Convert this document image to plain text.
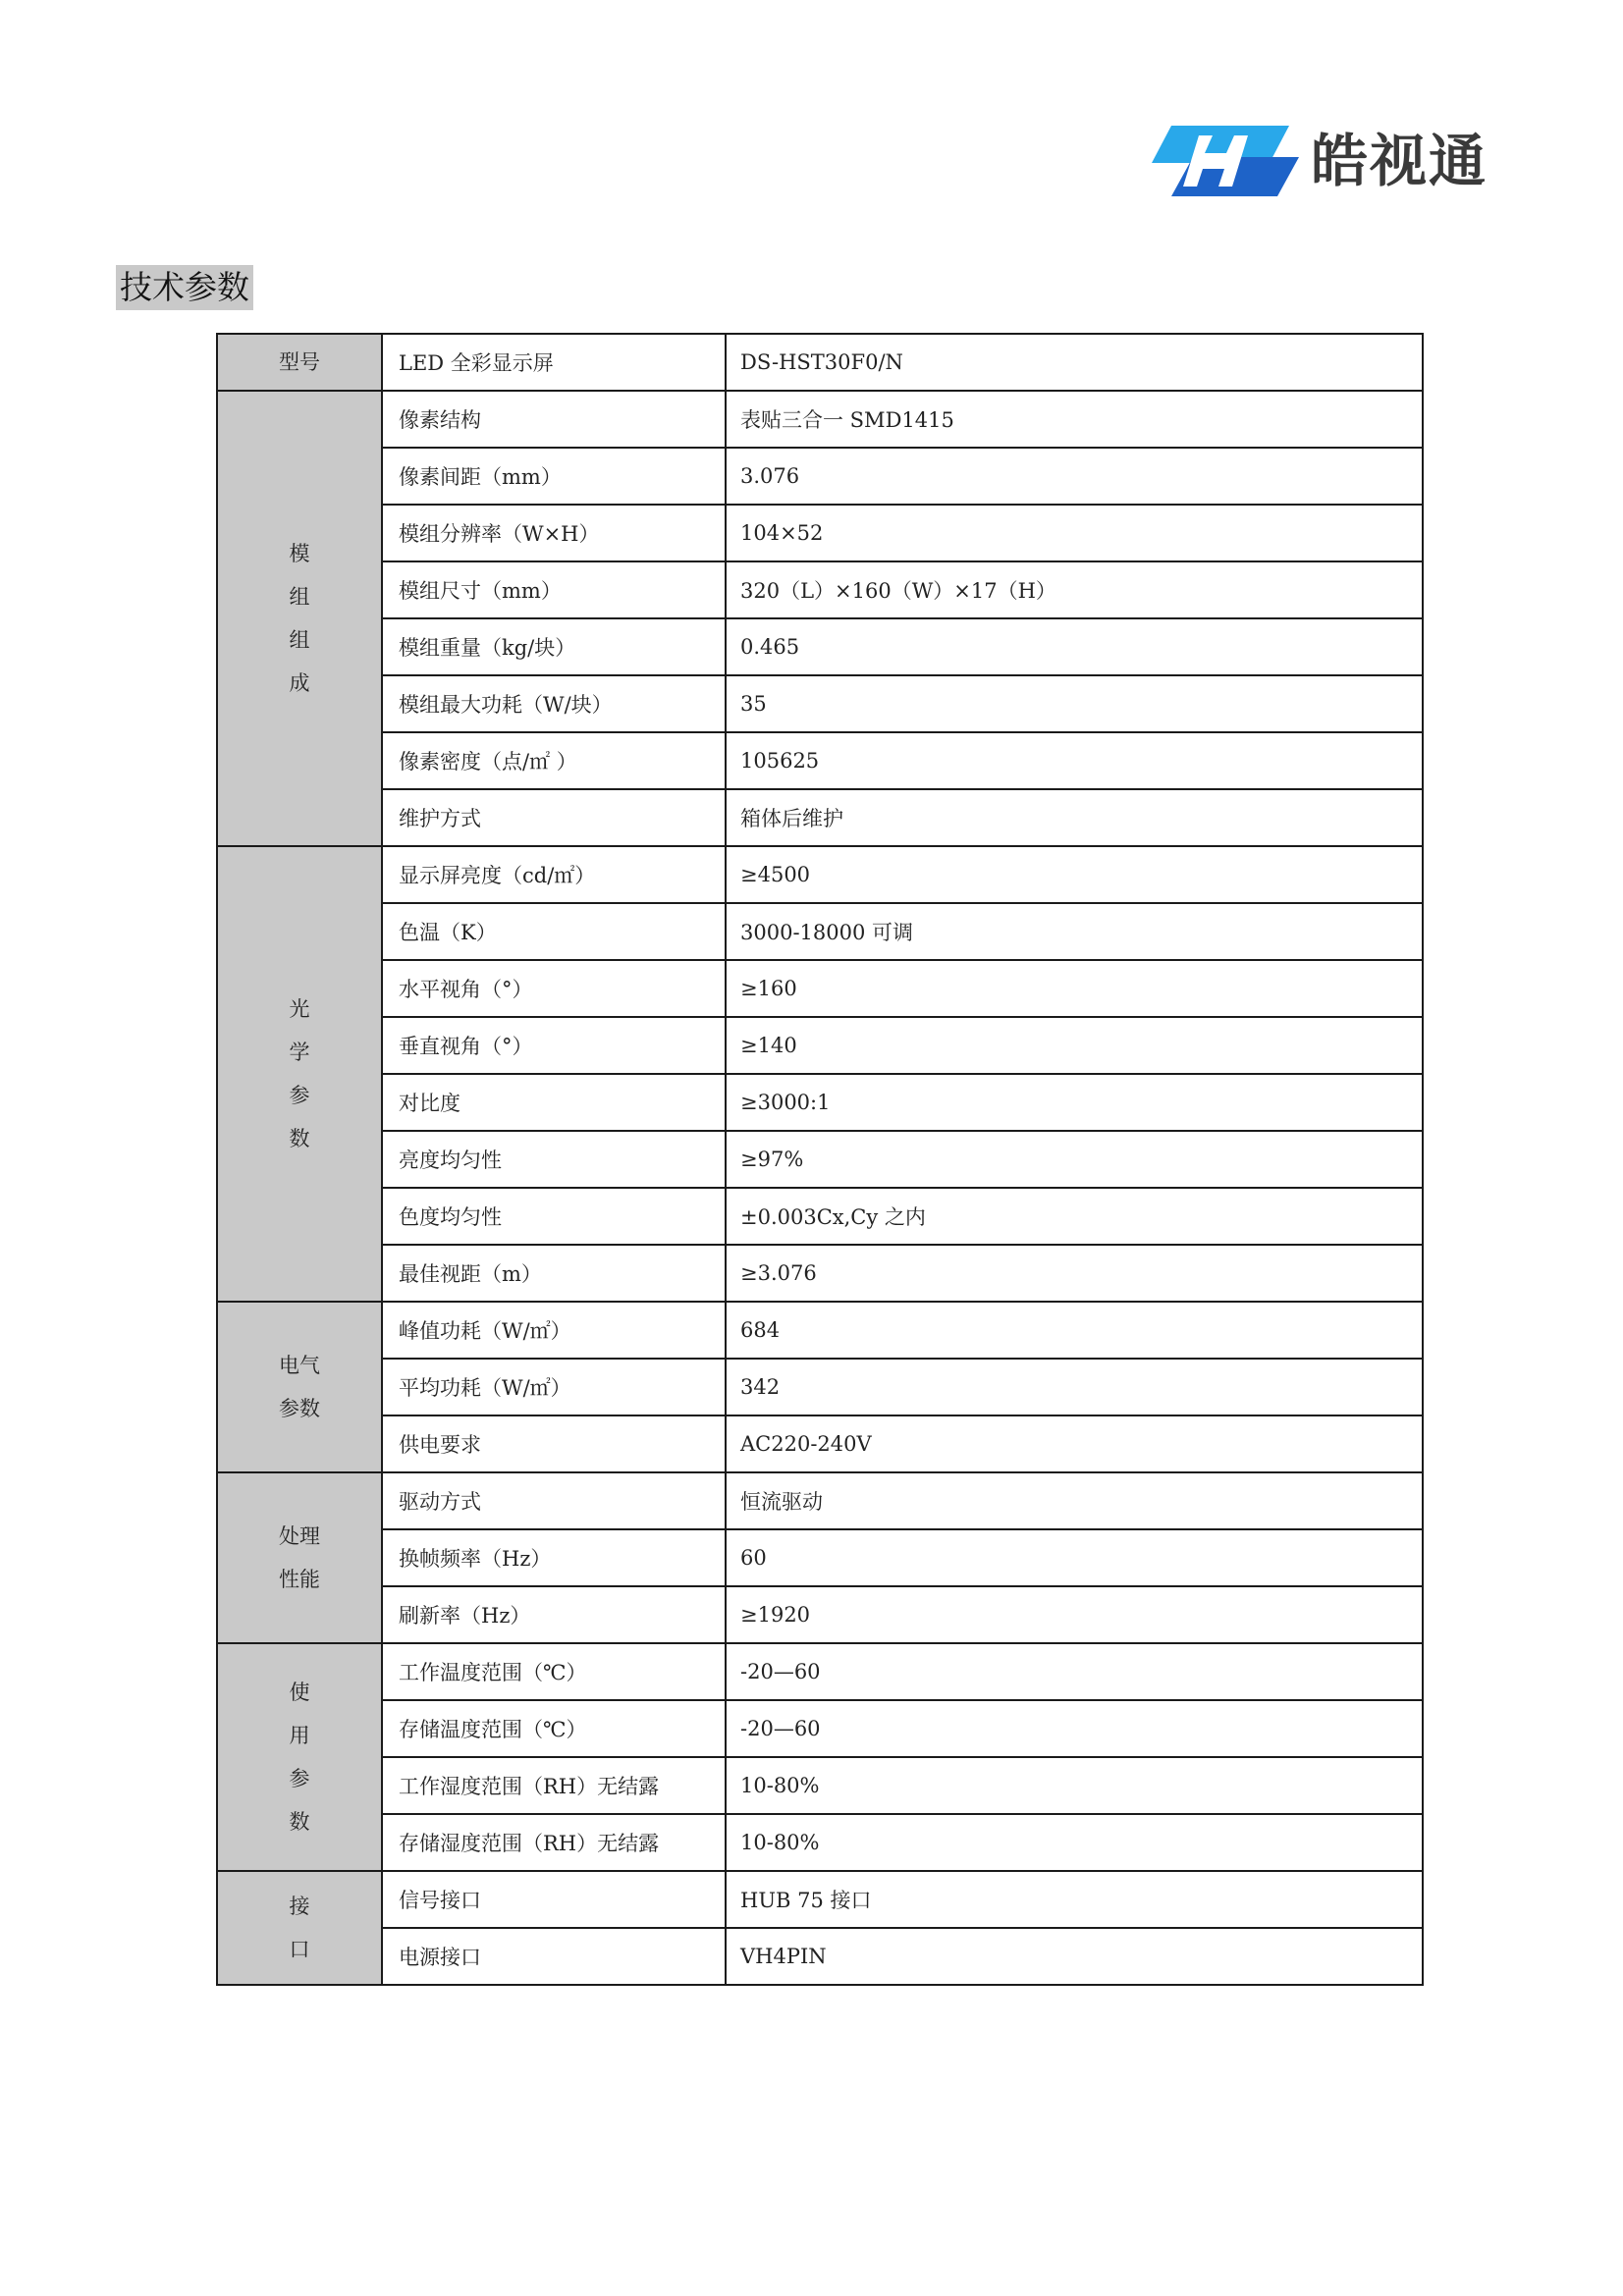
皓视通
技术参数
型号	LED 全彩显示屏	DS-HST30F0/N
模组组成	像素结构	表贴三合一 SMD1415
	像素间距（mm）	3.076
	模组分辨率（W×H）	104×52
	模组尺寸（mm）	320（L）×160（W）×17（H）
	模组重量（kg/块）	0.465
	模组最大功耗（W/块）	35
	像素密度（点/㎡ ）	105625
	维护方式	箱体后维护
光学参数	显示屏亮度（cd/㎡）	≥4500
	色温（K）	3000-18000 可调
	水平视角（°）	≥160
	垂直视角（°）	≥140
	对比度	≥3000:1
	亮度均匀性	≥97%
	色度均匀性	±0.003Cx,Cy 之内
	最佳视距（m）	≥3.076
电气参数	峰值功耗（W/㎡）	684
	平均功耗（W/㎡）	342
	供电要求	AC220-240V
处理性能	驱动方式	恒流驱动
	换帧频率（Hz）	60
	刷新率（Hz）	≥1920
使用参数	工作温度范围（℃）	-20—60
	存储温度范围（℃）	-20—60
	工作湿度范围（RH）无结露	10-80%
	存储湿度范围（RH）无结露	10-80%
接口	信号接口	HUB 75 接口
	电源接口	VH4PIN
